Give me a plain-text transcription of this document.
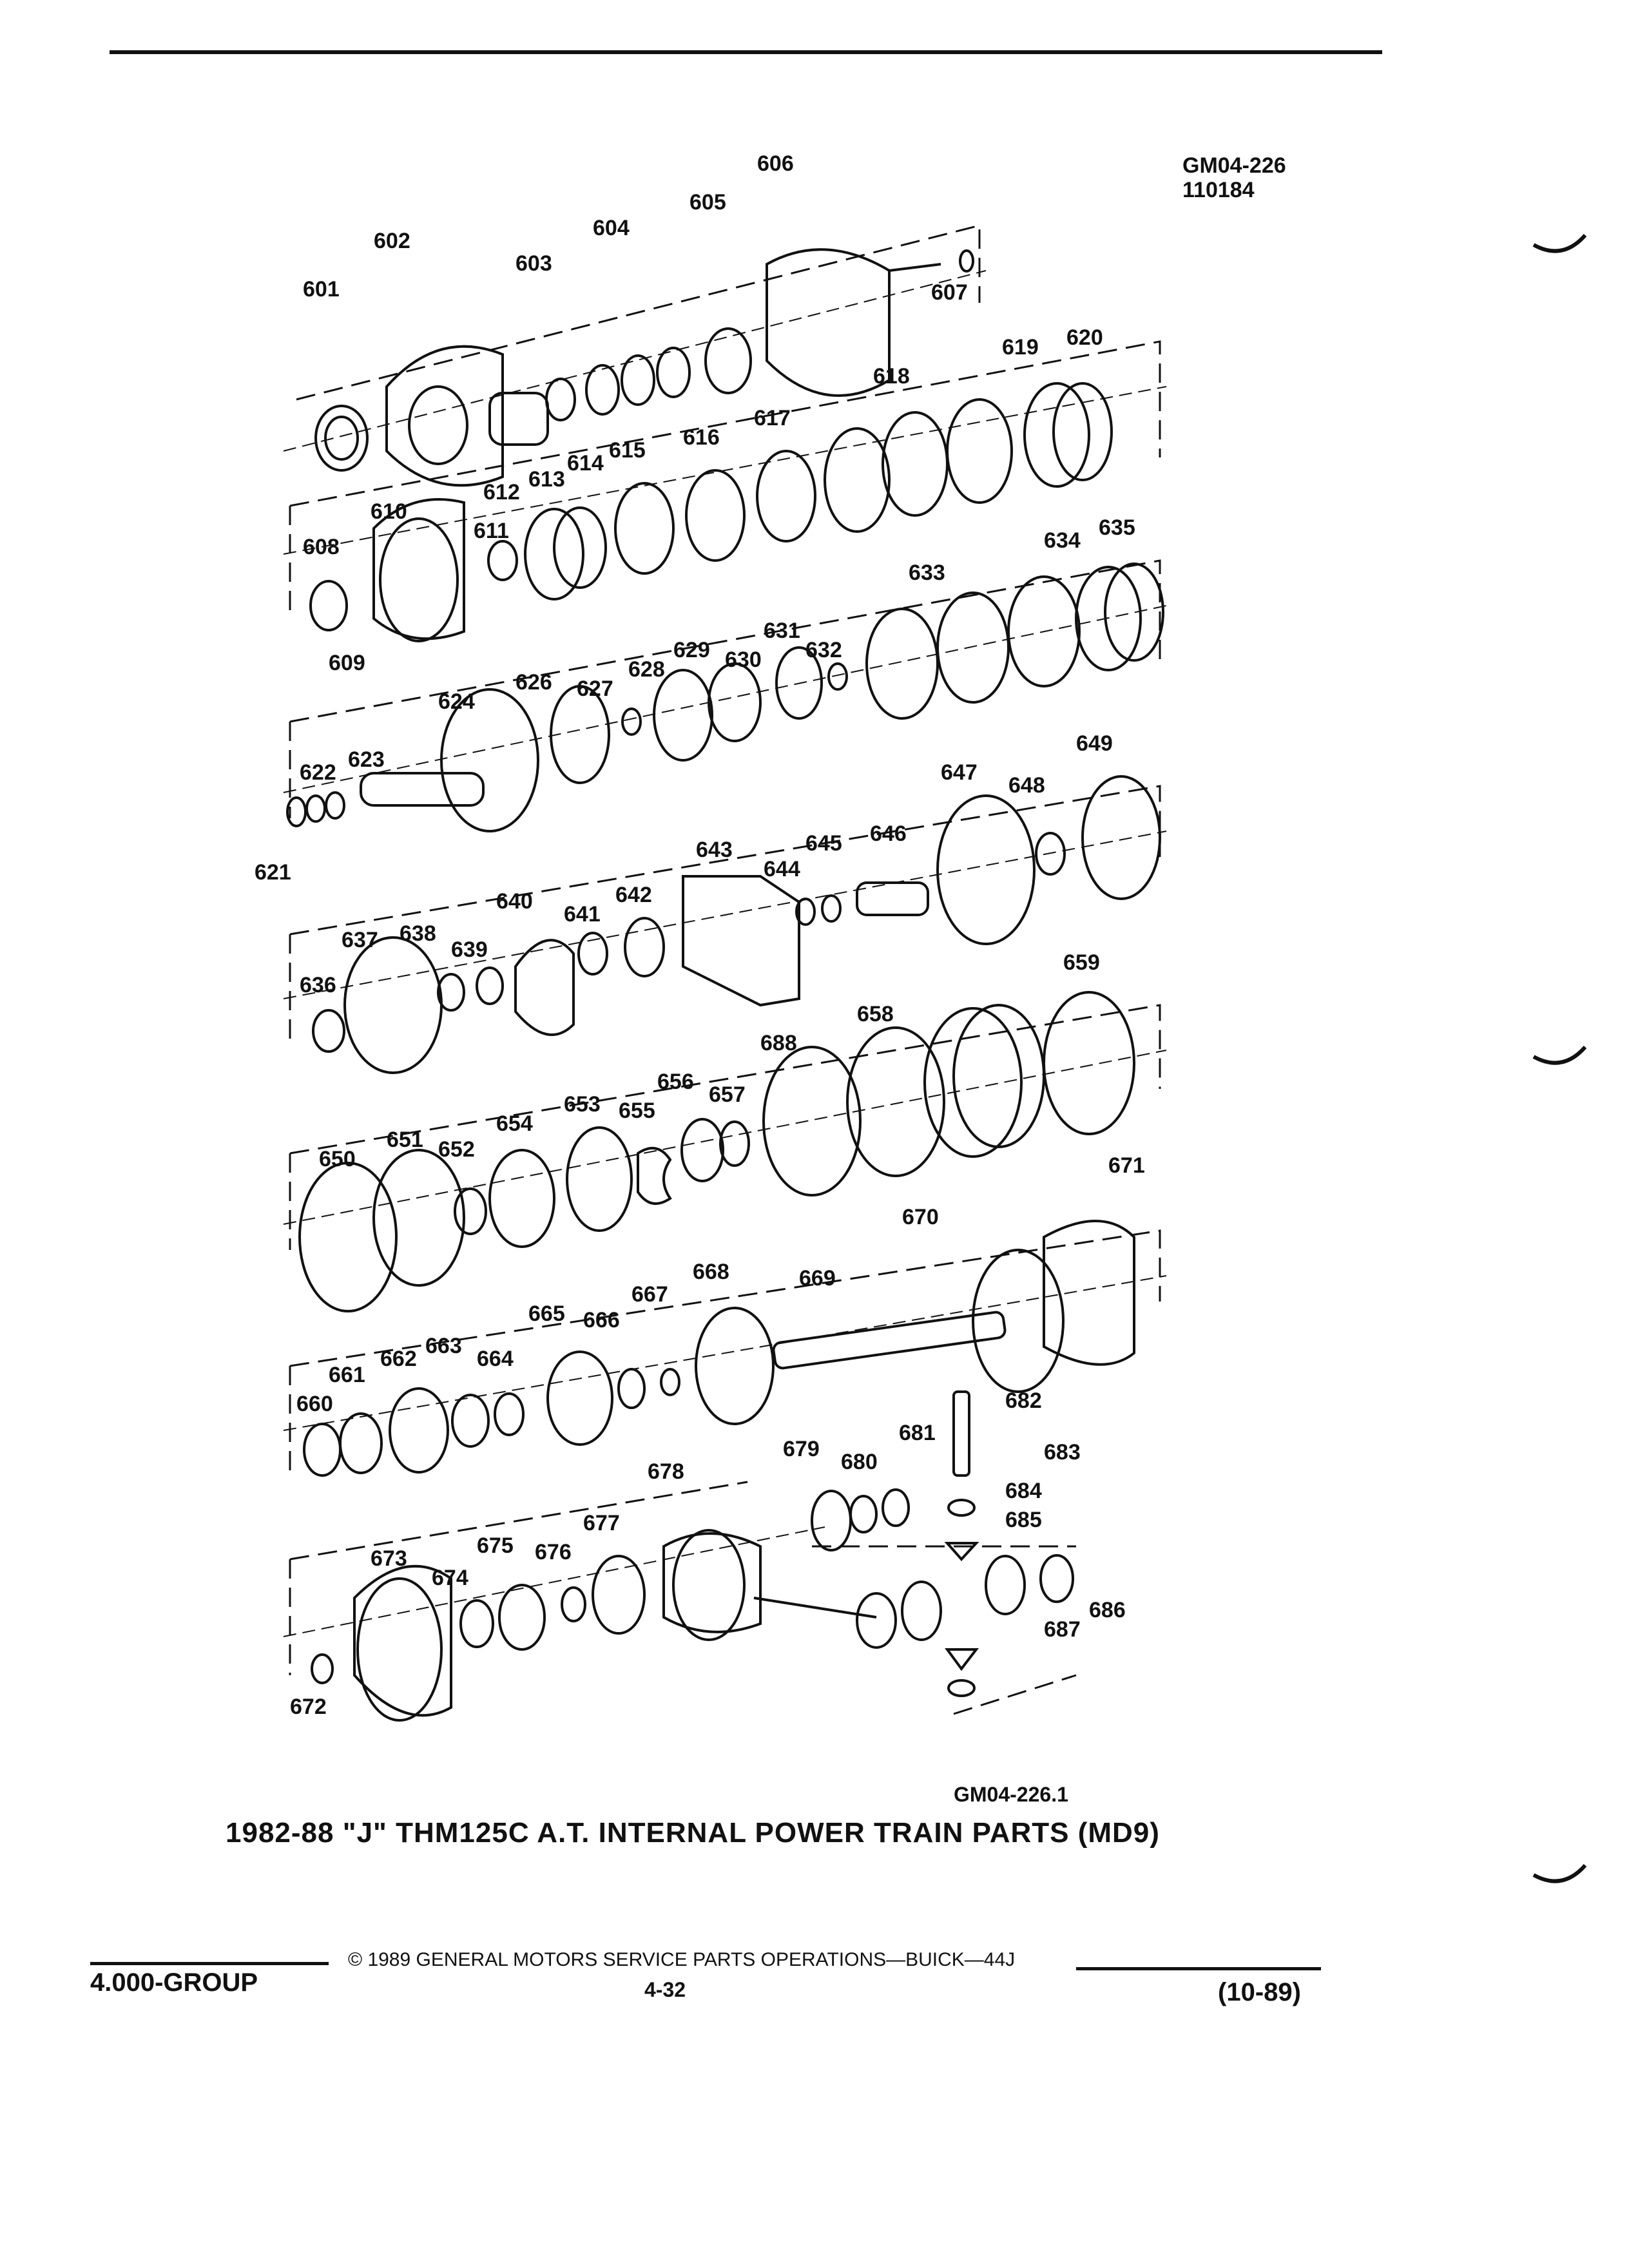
GM04-226
110184
601
602
603
604
605
606
607
608
609
610
611
612
613
614
615
616
617
618
619 620
621
622
623
624
626 627
628
629 630
631
632
633
634
635
636
637 638
639
640
641
642
643
644
645 646
647
648
649
650
651 652
653
654
655
656
657
658
659
660
661
662
663
664
665 666
667
668	669
670
671
672
673
674
675 676
677
678
679
680
681
682
683
684
685
686
687
688
GM04-226.1
1982-88 "J" THM125C A.T. INTERNAL POWER TRAIN PARTS (MD9)
© 1989 GENERAL MOTORS SERVICE PARTS OPERATIONS—BUICK—44J
4.000-GROUP	4-32	(10-89)
